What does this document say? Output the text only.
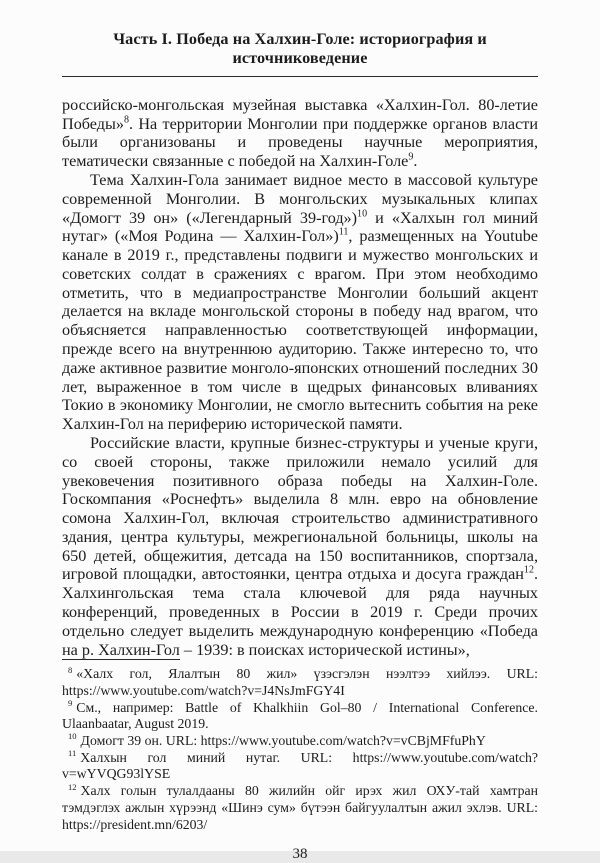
Часть I. Победа на Халхин-Голе: историография и источниковедение

российско-монгольская музейная выставка «Халхин-Гол. 80-летие Победы»$^8$. На территории Монголии при поддержке органов власти были организованы и проведены научные мероприятия, тематически связанные с победой на Халхин-Голе$^9$.

Тема Халхин-Гола занимает видное место в массовой культуре современной Монголии. В монгольских музыкальных клипах «Домогт 39 он» («Легендарный 39-год»)$^{10}$ и «Халхын гол миний нутаг» («Моя Родина — Халхин-Гол»)$^{11}$, размещенных на Youtube канале в 2019 г., представлены подвиги и мужество монгольских и советских солдат в сражениях с врагом. При этом необходимо отметить, что в медиапространстве Монголии больший акцент делается на вкладе монгольской стороны в победу над врагом, что объясняется направленностью соответствующей информации, прежде всего на внутреннюю аудиторию. Также интересно то, что даже активное развитие монголо-японских отношений последних 30 лет, выраженное в том числе в щедрых финансовых вливаниях Токио в экономику Монголии, не смогло вытеснить события на реке Халхин-Гол на периферию исторической памяти.

Российские власти, крупные бизнес-структуры и ученые круги, со своей стороны, также приложили немало усилий для увековечения позитивного образа победы на Халхин-Голе. Госкомпания «Роснефть» выделила 8 млн. евро на обновление сомона Халхин-Гол, включая строительство административного здания, центра культуры, межрегиональной больницы, школы на 650 детей, общежития, детсада на 150 воспитанников, спортзала, игровой площадки, автостоянки, центра отдыха и досуга граждан$^{12}$. Халхингольская тема стала ключевой для ряда научных конференций, проведенных в России в 2019 г. Среди прочих отдельно следует выделить международную конференцию «Победа на р. Халхин-Гол – 1939: в поисках исторической истины»,

$^8$ «Халх гол, Ялалтын 80 жил» үзэсгэлэн нээлтээ хийлээ. URL: https://www.youtube.com/watch?v=J4NsJmFGY4I

$^9$ См., например: Battle of Khalkhiin Gol–80 / International Conference. Ulaanbaatar, August 2019.

$^{10}$ Домогт 39 он. URL: https://www.youtube.com/watch?v=vCBjMFfuPhY

$^{11}$ Халхын гол миний нутаг. URL: https://www.youtube.com/watch?v=wYVQG93lYSE

$^{12}$ Халх голын тулалдааны 80 жилийн ойг ирэх жил ОХУ-тай хамтран тэмдэглэх ажлын хүрээнд «Шинэ сум» бүтээн байгуулалтын ажил эхлэв. URL: https://president.mn/6203/

38
